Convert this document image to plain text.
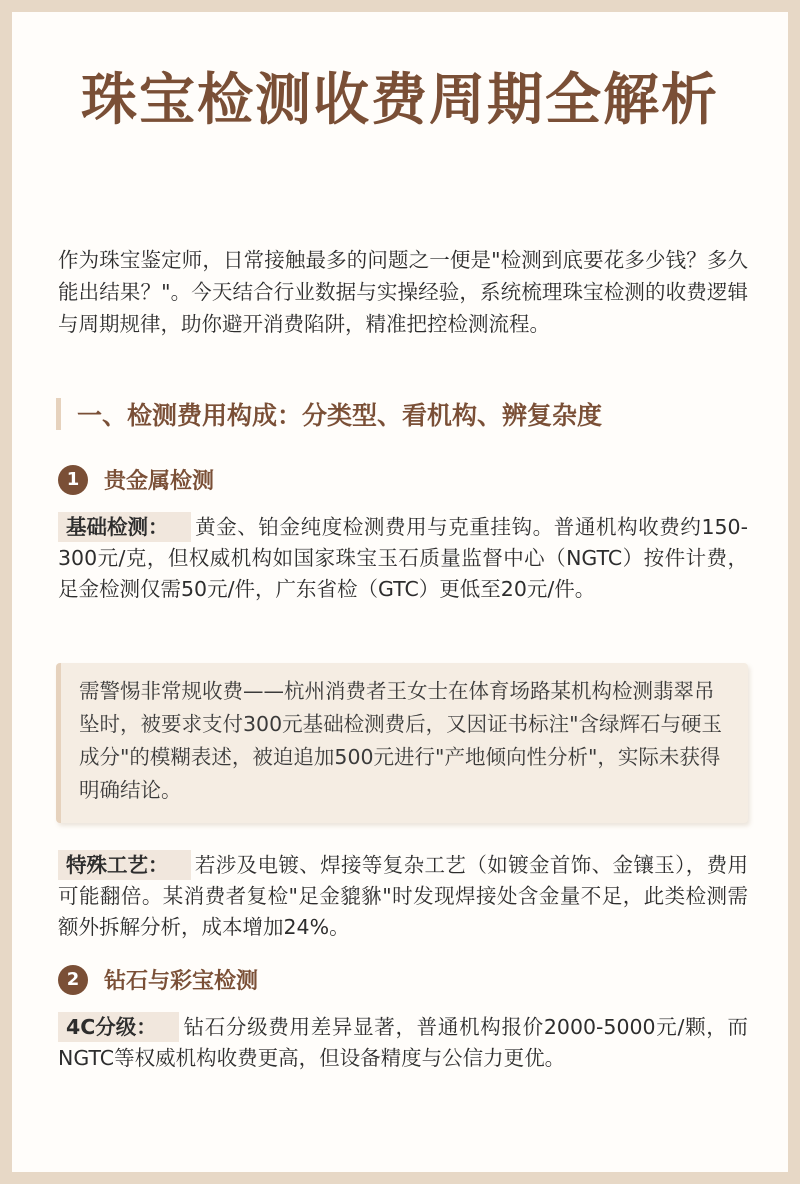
珠宝检测收费周期全解析
作为珠宝鉴定师，日常接触最多的问题之一便是"检测到底要花多少钱？多久能出结果？"。今天结合行业数据与实操经验，系统梳理珠宝检测的收费逻辑与周期规律，助你避开消费陷阱，精准把控检测流程。
一、检测费用构成：分类型、看机构、辨复杂度
1	贵金属检测
基础检测： 黄金、铂金纯度检测费用与克重挂钩。普通机构收费约150-300元/克，但权威机构如国家珠宝玉石质量监督中心（NGTC）按件计费，足金检测仅需50元/件，广东省检（GTC）更低至20元/件。
需警惕非常规收费——杭州消费者王女士在体育场路某机构检测翡翠吊坠时，被要求支付300元基础检测费后，又因证书标注"含绿辉石与硬玉成分"的模糊表述，被迫追加500元进行"产地倾向性分析"，实际未获得明确结论。
特殊工艺： 若涉及电镀、焊接等复杂工艺（如镀金首饰、金镶玉），费用可能翻倍。某消费者复检"足金貔貅"时发现焊接处含金量不足，此类检测需额外拆解分析，成本增加24%。
2	钻石与彩宝检测
4C分级： 钻石分级费用差异显著，普通机构报价2000-5000元/颗，而NGTC等权威机构收费更高，但设备精度与公信力更优。
